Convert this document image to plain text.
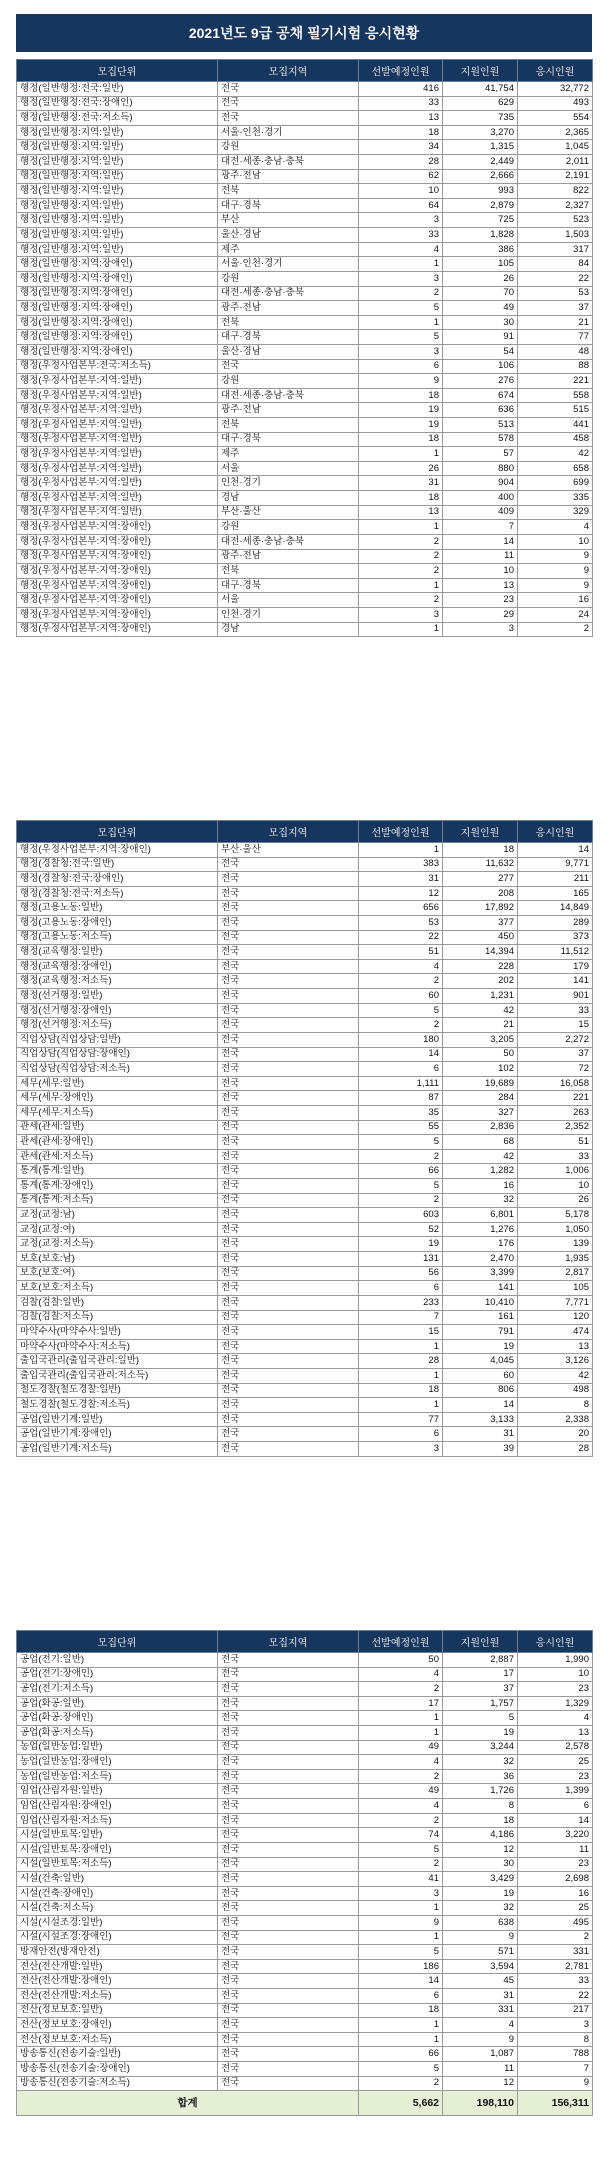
2021년도 9급 공채 필기시험 응시현황
모집단위	모집지역	선발예정인원	지원인원	응시인원
행정(일반행정:전국:일반)	전국	416	41,754	32,772
행정(일반행정:전국:장애인)	전국	33	629	493
행정(일반행정:전국:저소득)	전국	13	735	554
행정(일반행정:지역:일반)	서울·인천·경기	18	3,270	2,365
행정(일반행정:지역:일반)	강원	34	1,315	1,045
행정(일반행정:지역:일반)	대전·세종·충남·충북	28	2,449	2,011
행정(일반행정:지역:일반)	광주·전남	62	2,666	2,191
행정(일반행정:지역:일반)	전북	10	993	822
행정(일반행정:지역:일반)	대구·경북	64	2,879	2,327
행정(일반행정:지역:일반)	부산	3	725	523
행정(일반행정:지역:일반)	울산·경남	33	1,828	1,503
행정(일반행정:지역:일반)	제주	4	386	317
행정(일반행정:지역:장애인)	서울·인천·경기	1	105	84
행정(일반행정:지역:장애인)	강원	3	26	22
행정(일반행정:지역:장애인)	대전·세종·충남·충북	2	70	53
행정(일반행정:지역:장애인)	광주·전남	5	49	37
행정(일반행정:지역:장애인)	전북	1	30	21
행정(일반행정:지역:장애인)	대구·경북	5	91	77
행정(일반행정:지역:장애인)	울산·경남	3	54	48
행정(우정사업본부:전국:저소득)	전국	6	106	88
행정(우정사업본부:지역:일반)	강원	9	276	221
행정(우정사업본부:지역:일반)	대전·세종·충남·충북	18	674	558
행정(우정사업본부:지역:일반)	광주·전남	19	636	515
행정(우정사업본부:지역:일반)	전북	19	513	441
행정(우정사업본부:지역:일반)	대구·경북	18	578	458
행정(우정사업본부:지역:일반)	제주	1	57	42
행정(우정사업본부:지역:일반)	서울	26	880	658
행정(우정사업본부:지역:일반)	인천·경기	31	904	699
행정(우정사업본부:지역:일반)	경남	18	400	335
행정(우정사업본부:지역:일반)	부산·울산	13	409	329
행정(우정사업본부:지역:장애인)	강원	1	7	4
행정(우정사업본부:지역:장애인)	대전·세종·충남·충북	2	14	10
행정(우정사업본부:지역:장애인)	광주·전남	2	11	9
행정(우정사업본부:지역:장애인)	전북	2	10	9
행정(우정사업본부:지역:장애인)	대구·경북	1	13	9
행정(우정사업본부:지역:장애인)	서울	2	23	16
행정(우정사업본부:지역:장애인)	인천·경기	3	29	24
행정(우정사업본부:지역:장애인)	경남	1	3	2
모집단위	모집지역	선발예정인원	지원인원	응시인원
행정(우정사업본부:지역:장애인)	부산·울산	1	18	14
행정(경찰청:전국:일반)	전국	383	11,632	9,771
행정(경찰청:전국:장애인)	전국	31	277	211
행정(경찰청:전국:저소득)	전국	12	208	165
행정(고용노동:일반)	전국	656	17,892	14,849
행정(고용노동:장애인)	전국	53	377	289
행정(고용노동:저소득)	전국	22	450	373
행정(교육행정:일반)	전국	51	14,394	11,512
행정(교육행정:장애인)	전국	4	228	179
행정(교육행정:저소득)	전국	2	202	141
행정(선거행정:일반)	전국	60	1,231	901
행정(선거행정:장애인)	전국	5	42	33
행정(선거행정:저소득)	전국	2	21	15
직업상담(직업상담:일반)	전국	180	3,205	2,272
직업상담(직업상담:장애인)	전국	14	50	37
직업상담(직업상담:저소득)	전국	6	102	72
세무(세무:일반)	전국	1,111	19,689	16,058
세무(세무:장애인)	전국	87	284	221
세무(세무:저소득)	전국	35	327	263
관세(관세:일반)	전국	55	2,836	2,352
관세(관세:장애인)	전국	5	68	51
관세(관세:저소득)	전국	2	42	33
통계(통계:일반)	전국	66	1,282	1,006
통계(통계:장애인)	전국	5	16	10
통계(통계:저소득)	전국	2	32	26
교정(교정:남)	전국	603	6,801	5,178
교정(교정:여)	전국	52	1,276	1,050
교정(교정:저소득)	전국	19	176	139
보호(보호:남)	전국	131	2,470	1,935
보호(보호:여)	전국	56	3,399	2,817
보호(보호:저소득)	전국	6	141	105
검찰(검찰:일반)	전국	233	10,410	7,771
검찰(검찰:저소득)	전국	7	161	120
마약수사(마약수사:일반)	전국	15	791	474
마약수사(마약수사:저소득)	전국	1	19	13
출입국관리(출입국관리:일반)	전국	28	4,045	3,126
출입국관리(출입국관리:저소득)	전국	1	60	42
철도경찰(철도경찰:일반)	전국	18	806	498
철도경찰(철도경찰:저소득)	전국	1	14	8
공업(일반기계:일반)	전국	77	3,133	2,338
공업(일반기계:장애인)	전국	6	31	20
공업(일반기계:저소득)	전국	3	39	28
모집단위	모집지역	선발예정인원	지원인원	응시인원
공업(전기:일반)	전국	50	2,887	1,990
공업(전기:장애인)	전국	4	17	10
공업(전기:저소득)	전국	2	37	23
공업(화공:일반)	전국	17	1,757	1,329
공업(화공:장애인)	전국	1	5	4
공업(화공:저소득)	전국	1	19	13
농업(일반농업:일반)	전국	49	3,244	2,578
농업(일반농업:장애인)	전국	4	32	25
농업(일반농업:저소득)	전국	2	36	23
임업(산림자원:일반)	전국	49	1,726	1,399
임업(산림자원:장애인)	전국	4	8	6
임업(산림자원:저소득)	전국	2	18	14
시설(일반토목:일반)	전국	74	4,186	3,220
시설(일반토목:장애인)	전국	5	12	11
시설(일반토목:저소득)	전국	2	30	23
시설(건축:일반)	전국	41	3,429	2,698
시설(건축:장애인)	전국	3	19	16
시설(건축:저소득)	전국	1	32	25
시설(시설조경:일반)	전국	9	638	495
시설(시설조경:장애인)	전국	1	9	2
방재안전(방재안전)	전국	5	571	331
전산(전산개발:일반)	전국	186	3,594	2,781
전산(전산개발:장애인)	전국	14	45	33
전산(전산개발:저소득)	전국	6	31	22
전산(정보보호:일반)	전국	18	331	217
전산(정보보호:장애인)	전국	1	4	3
전산(정보보호:저소득)	전국	1	9	8
방송통신(전송기술:일반)	전국	66	1,087	788
방송통신(전송기술:장애인)	전국	5	11	7
방송통신(전송기술:저소득)	전국	2	12	9
합계		5,662	198,110	156,311
